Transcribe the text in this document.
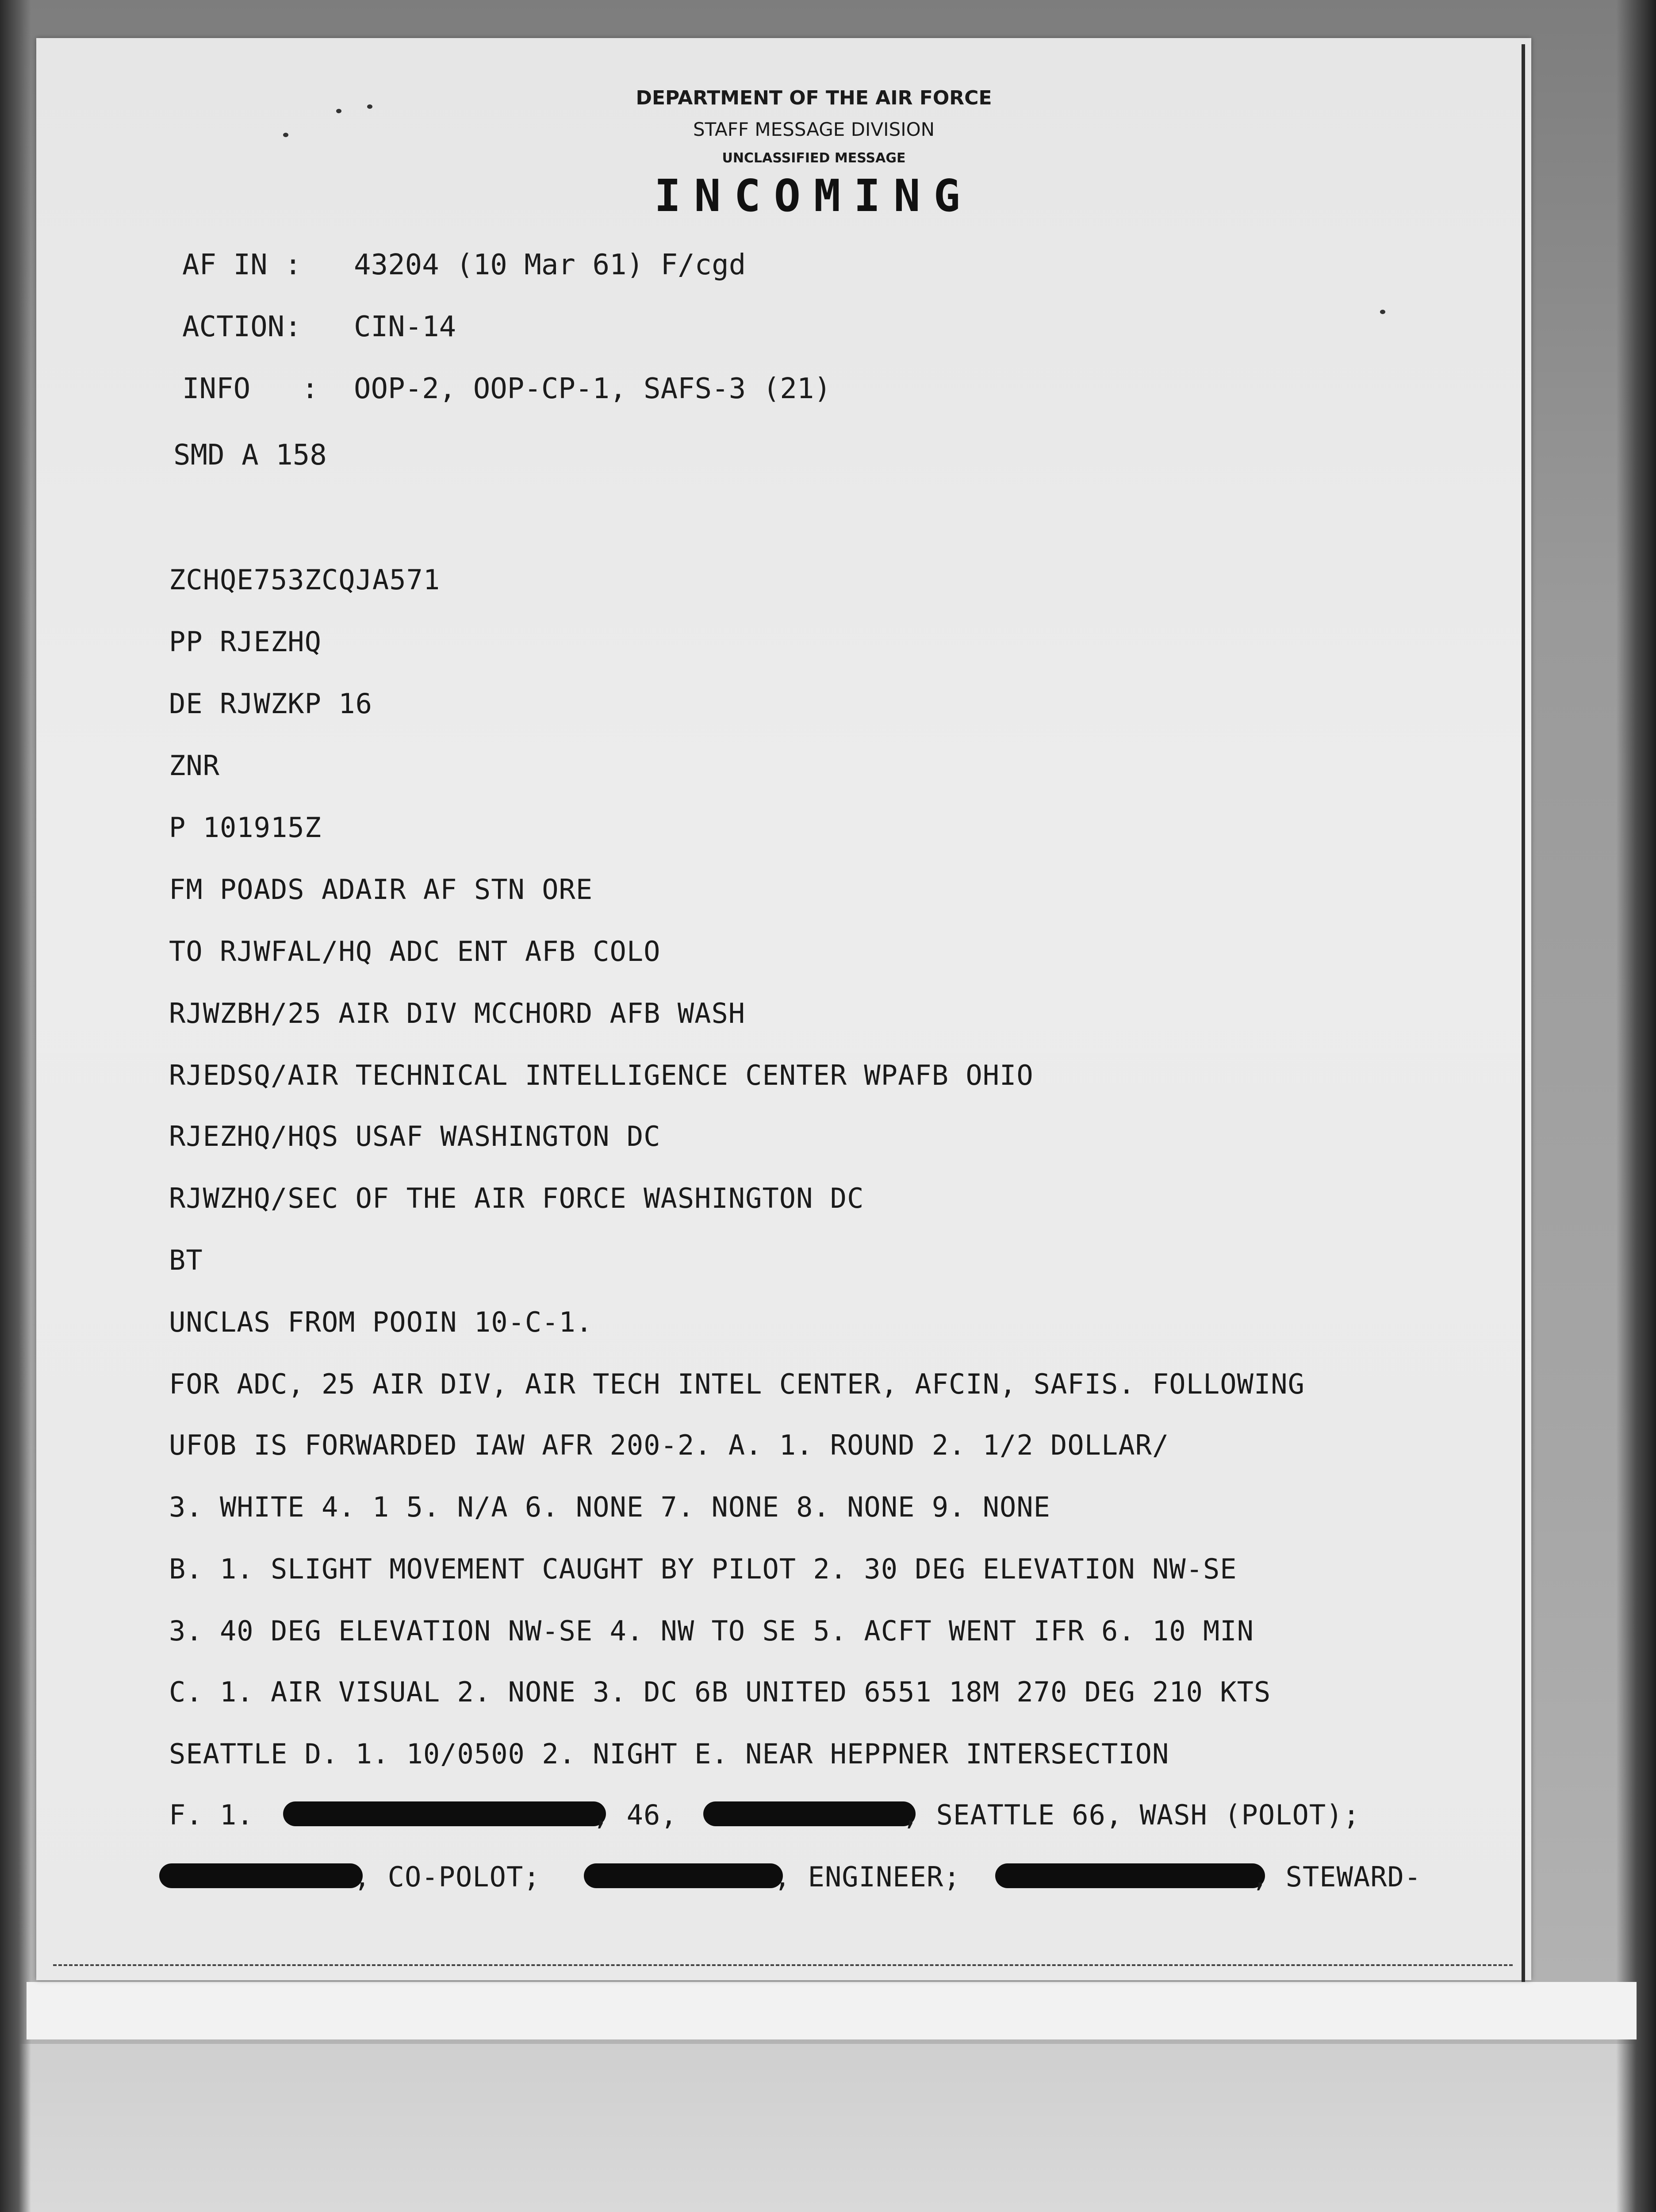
DEPARTMENT OF THE AIR FORCE
STAFF MESSAGE DIVISION
UNCLASSIFIED MESSAGE
INCOMING
AF IN : 43204 (10 Mar 61) F/cgd
ACTION: CIN-14
INFO   : OOP-2, OOP-CP-1, SAFS-3 (21)
SMD A 158
ZCHQE753ZCQJA571
PP RJEZHQ
DE RJWZKP 16
ZNR
P 101915Z
FM POADS ADAIR AF STN ORE
TO RJWFAL/HQ ADC ENT AFB COLO
RJWZBH/25 AIR DIV MCCHORD AFB WASH
RJEDSQ/AIR TECHNICAL INTELLIGENCE CENTER WPAFB OHIO
RJEZHQ/HQS USAF WASHINGTON DC
RJWZHQ/SEC OF THE AIR FORCE WASHINGTON DC
BT
UNCLAS FROM POOIN 10-C-1.
FOR ADC, 25 AIR DIV, AIR TECH INTEL CENTER, AFCIN, SAFIS. FOLLOWING
UFOB IS FORWARDED IAW AFR 200-2. A. 1. ROUND 2. 1/2 DOLLAR/
3. WHITE 4. 1 5. N/A 6. NONE 7. NONE 8. NONE 9. NONE
B. 1. SLIGHT MOVEMENT CAUGHT BY PILOT 2. 30 DEG ELEVATION NW-SE
3. 40 DEG ELEVATION NW-SE 4. NW TO SE 5. ACFT WENT IFR 6. 10 MIN
C. 1. AIR VISUAL 2. NONE 3. DC 6B UNITED 6551 18M 270 DEG 210 KTS
SEATTLE D. 1. 10/0500 2. NIGHT E. NEAR HEPPNER INTERSECTION
F. 1.	, 46,	, SEATTLE 66, WASH (POLOT);
, CO-POLOT;	, ENGINEER;	, STEWARD-
